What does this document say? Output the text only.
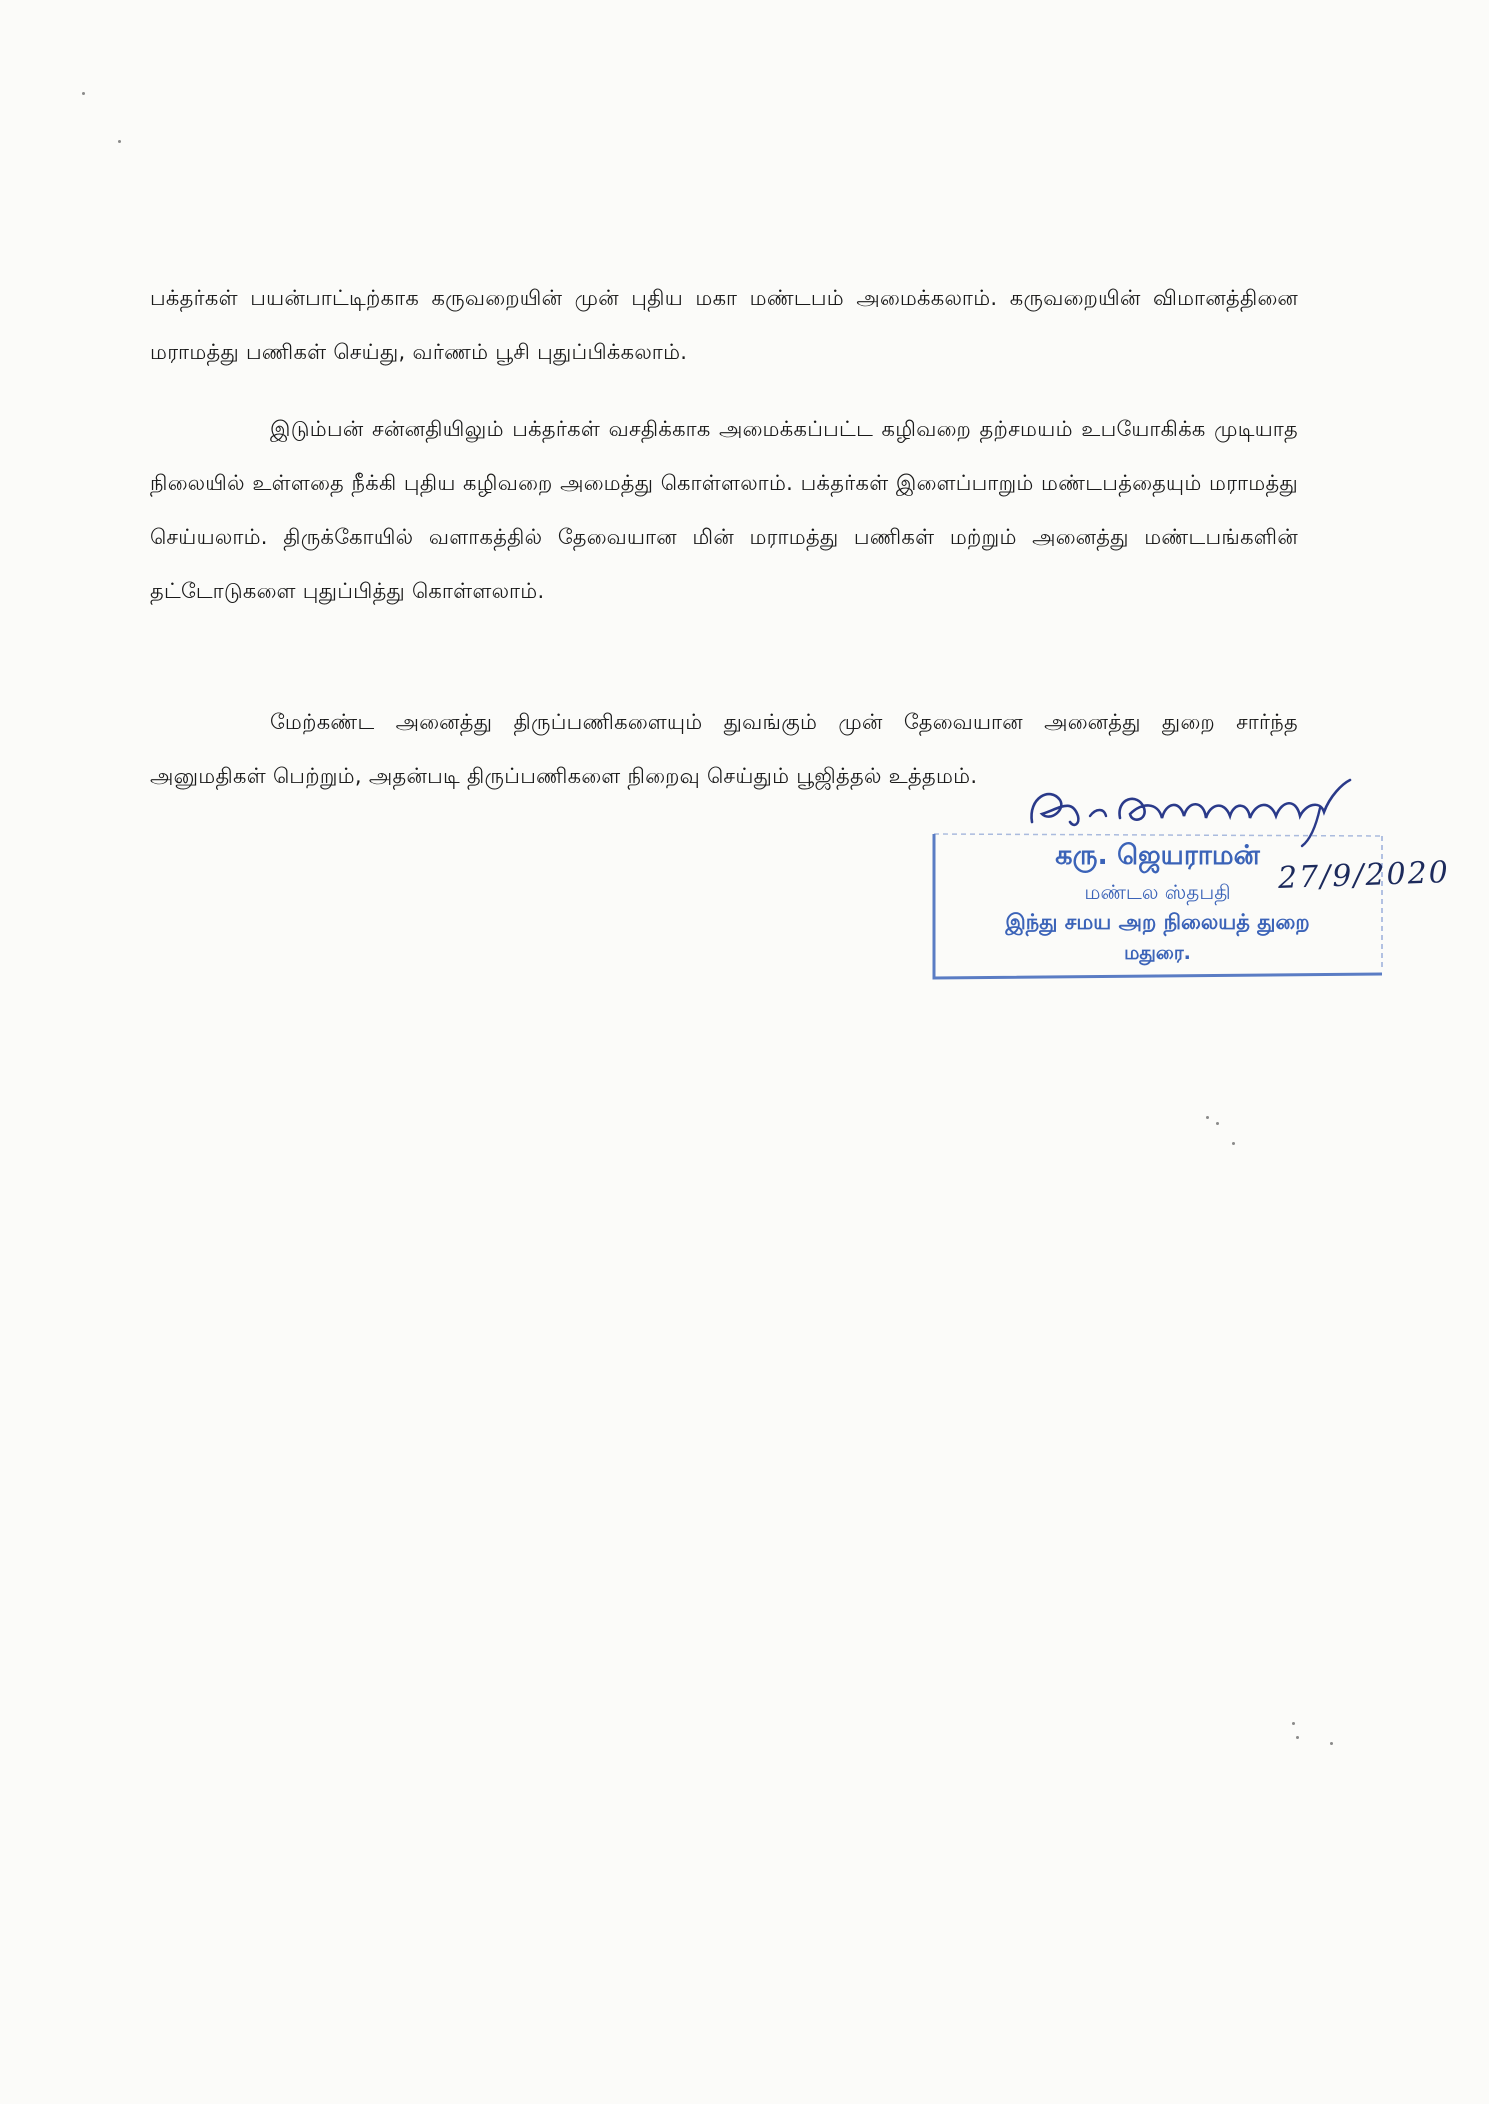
பக்தர்கள் பயன்பாட்டிற்காக கருவறையின் முன் புதிய மகா மண்டபம் அமைக்கலாம். கருவறையின் விமானத்தினை மராமத்து பணிகள் செய்து, வர்ணம் பூசி புதுப்பிக்கலாம்.

இடும்பன் சன்னதியிலும் பக்தர்கள் வசதிக்காக அமைக்கப்பட்ட கழிவறை தற்சமயம் உபயோகிக்க முடியாத நிலையில் உள்ளதை நீக்கி புதிய கழிவறை அமைத்து கொள்ளலாம். பக்தர்கள் இளைப்பாறும் மண்டபத்தையும் மராமத்து செய்யலாம். திருக்கோயில் வளாகத்தில் தேவையான மின் மராமத்து பணிகள் மற்றும் அனைத்து மண்டபங்களின் தட்டோடுகளை புதுப்பித்து கொள்ளலாம்.

மேற்கண்ட அனைத்து திருப்பணிகளையும் துவங்கும் முன் தேவையான அனைத்து துறை சார்ந்த அனுமதிகள் பெற்றும், அதன்படி திருப்பணிகளை நிறைவு செய்தும் பூஜித்தல் உத்தமம்.

கரு. ஜெயராமன்
மண்டல ஸ்தபதி
இந்து சமய அற நிலையத் துறை
மதுரை.
27/9/2020
